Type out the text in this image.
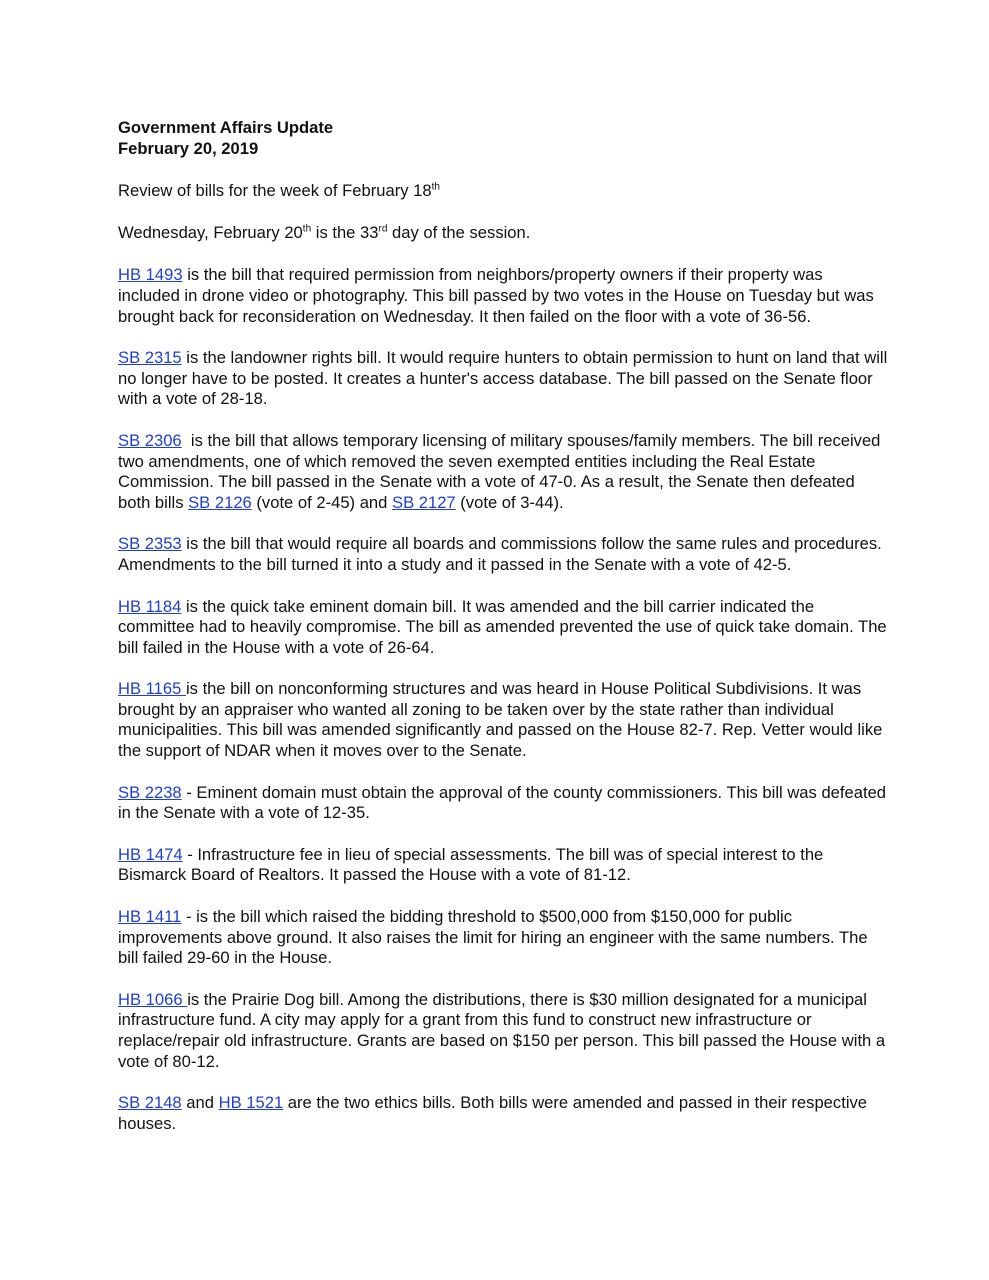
Government Affairs Update

February 20, 2019

Review of bills for the week of February 18th

Wednesday, February 20th is the 33rd day of the session.

HB 1493 is the bill that required permission from neighbors/property owners if their property was included in drone video or photography. This bill passed by two votes in the House on Tuesday but was brought back for reconsideration on Wednesday. It then failed on the floor with a vote of 36-56.

SB 2315 is the landowner rights bill. It would require hunters to obtain permission to hunt on land that will no longer have to be posted. It creates a hunter's access database. The bill passed on the Senate floor with a vote of 28-18.

SB 2306  is the bill that allows temporary licensing of military spouses/family members. The bill received two amendments, one of which removed the seven exempted entities including the Real Estate Commission. The bill passed in the Senate with a vote of 47-0. As a result, the Senate then defeated both bills SB 2126 (vote of 2-45) and SB 2127 (vote of 3-44).

SB 2353 is the bill that would require all boards and commissions follow the same rules and procedures. Amendments to the bill turned it into a study and it passed in the Senate with a vote of 42-5.

HB 1184 is the quick take eminent domain bill. It was amended and the bill carrier indicated the committee had to heavily compromise. The bill as amended prevented the use of quick take domain. The bill failed in the House with a vote of 26-64.

HB 1165 is the bill on nonconforming structures and was heard in House Political Subdivisions. It was brought by an appraiser who wanted all zoning to be taken over by the state rather than individual municipalities. This bill was amended significantly and passed on the House 82-7. Rep. Vetter would like the support of NDAR when it moves over to the Senate.

SB 2238 - Eminent domain must obtain the approval of the county commissioners. This bill was defeated in the Senate with a vote of 12-35.

HB 1474 - Infrastructure fee in lieu of special assessments. The bill was of special interest to the Bismarck Board of Realtors. It passed the House with a vote of 81-12.

HB 1411 - is the bill which raised the bidding threshold to $500,000 from $150,000 for public improvements above ground. It also raises the limit for hiring an engineer with the same numbers. The bill failed 29-60 in the House.

HB 1066 is the Prairie Dog bill. Among the distributions, there is $30 million designated for a municipal infrastructure fund. A city may apply for a grant from this fund to construct new infrastructure or replace/repair old infrastructure. Grants are based on $150 per person. This bill passed the House with a vote of 80-12.

SB 2148 and HB 1521 are the two ethics bills. Both bills were amended and passed in their respective houses.
